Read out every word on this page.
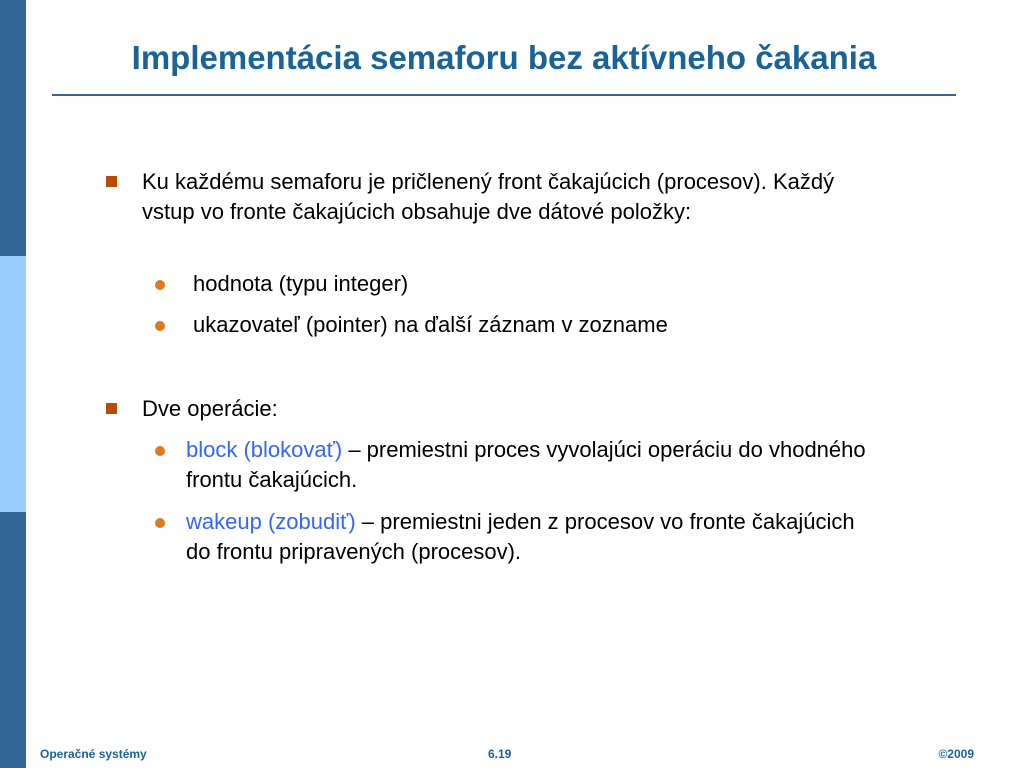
Implementácia semaforu bez aktívneho čakania
Ku každému semaforu je pričlenený front čakajúcich (procesov). Každý vstup vo fronte čakajúcich obsahuje dve dátové položky:
hodnota (typu integer)
ukazovateľ (pointer) na ďalší záznam v zozname
Dve operácie:
block (blokovať) – premiestni proces vyvolajúci operáciu do vhodného frontu čakajúcich.
wakeup (zobudiť) – premiestni jeden z procesov vo fronte čakajúcich do frontu pripravených (procesov).
Operačné systémy	6.19	©2009
